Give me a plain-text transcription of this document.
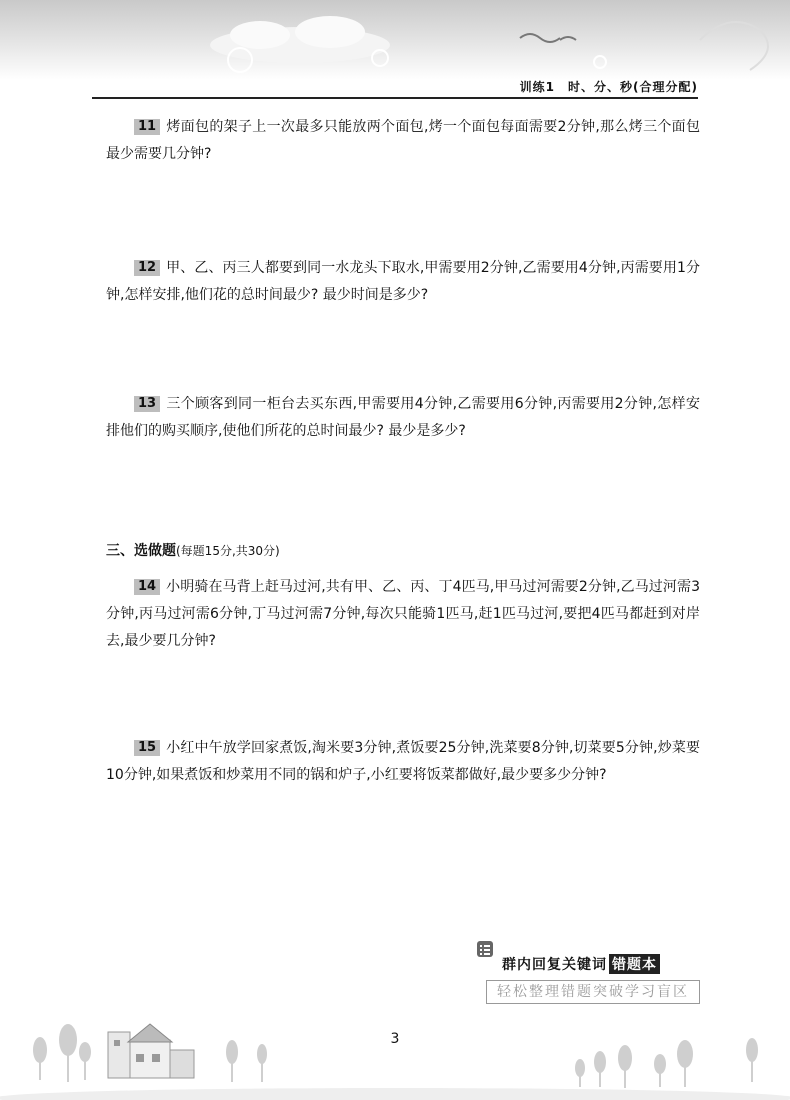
训练1　时、分、秒(合理分配)
11 烤面包的架子上一次最多只能放两个面包,烤一个面包每面需要2分钟,那么烤三个面包最少需要几分钟?
12 甲、乙、丙三人都要到同一水龙头下取水,甲需要用2分钟,乙需要用4分钟,丙需要用1分钟,怎样安排,他们花的总时间最少? 最少时间是多少?
13 三个顾客到同一柜台去买东西,甲需要用4分钟,乙需要用6分钟,丙需要用2分钟,怎样安排他们的购买顺序,使他们所花的总时间最少? 最少是多少?
三、选做题(每题15分,共30分)
14 小明骑在马背上赶马过河,共有甲、乙、丙、丁4匹马,甲马过河需要2分钟,乙马过河需3分钟,丙马过河需6分钟,丁马过河需7分钟,每次只能骑1匹马,赶1匹马过河,要把4匹马都赶到对岸去,最少要几分钟?
15 小红中午放学回家煮饭,淘米要3分钟,煮饭要25分钟,洗菜要8分钟,切菜要5分钟,炒菜要10分钟,如果煮饭和炒菜用不同的锅和炉子,小红要将饭菜都做好,最少要多少分钟?
群内回复关键词 错题本
轻松整理错题突破学习盲区
3
